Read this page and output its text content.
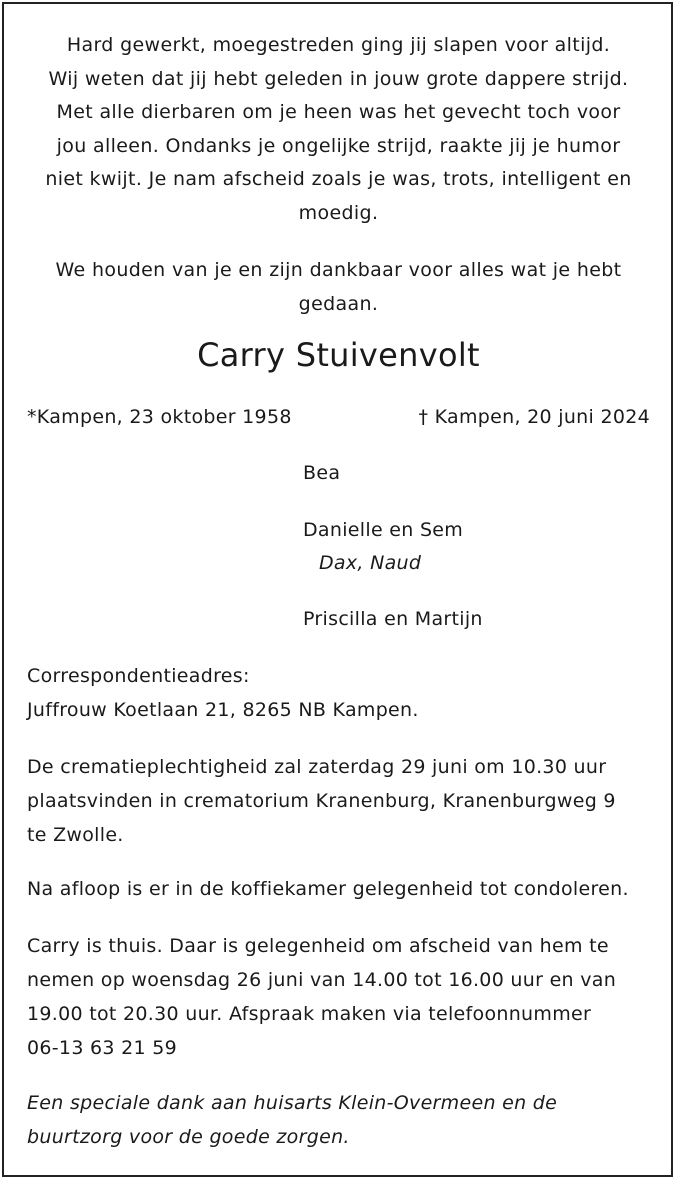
Hard gewerkt, moegestreden ging jij slapen voor altijd.
Wij weten dat jij hebt geleden in jouw grote dappere strijd.
Met alle dierbaren om je heen was het gevecht toch voor
jou alleen. Ondanks je ongelijke strijd, raakte jij je humor
niet kwijt. Je nam afscheid zoals je was, trots, intelligent en
moedig.
We houden van je en zijn dankbaar voor alles wat je hebt
gedaan.
Carry Stuivenvolt
*Kampen, 23 oktober 1958	† Kampen, 20 juni 2024
Bea
Danielle en Sem
Dax, Naud
Priscilla en Martijn
Correspondentieadres:
Juffrouw Koetlaan 21, 8265 NB Kampen.
De crematieplechtigheid zal zaterdag 29 juni om 10.30 uur
plaatsvinden in crematorium Kranenburg, Kranenburgweg 9
te Zwolle.
Na afloop is er in de koffiekamer gelegenheid tot condoleren.
Carry is thuis. Daar is gelegenheid om afscheid van hem te
nemen op woensdag 26 juni van 14.00 tot 16.00 uur en van
19.00 tot 20.30 uur. Afspraak maken via telefoonnummer
06-13 63 21 59
Een speciale dank aan huisarts Klein-Overmeen en de
buurtzorg voor de goede zorgen.
